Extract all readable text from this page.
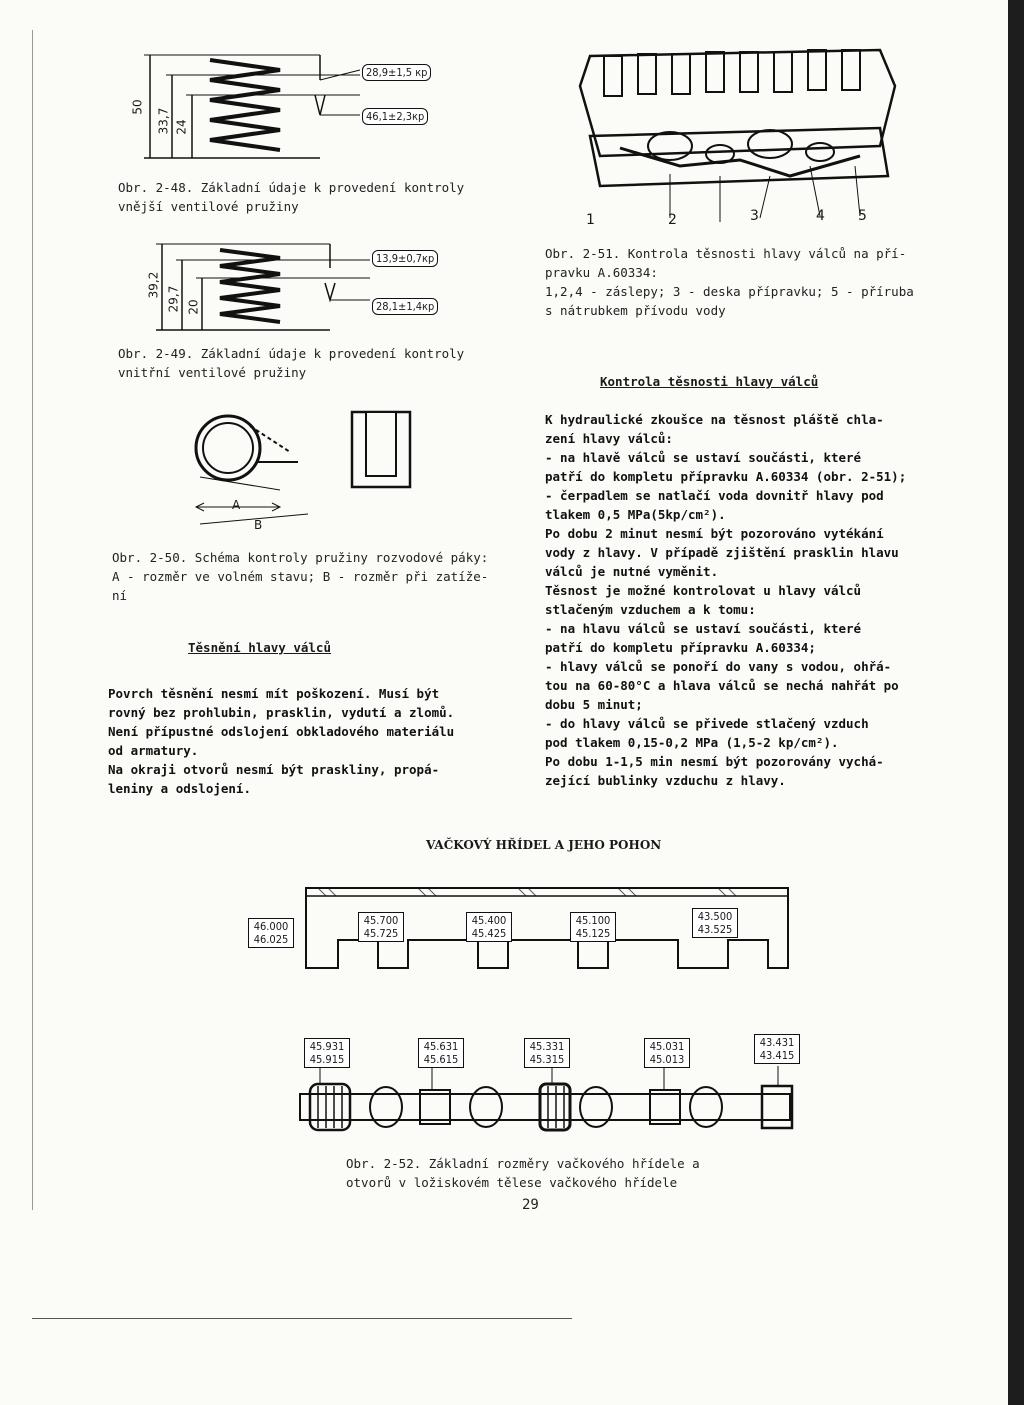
50
33,7 24
28,9±1,5 кр
46,1±2,3кр
Obr. 2-48. Základní údaje k provedení kontroly
vnější ventilové pružiny
39,2
29,7 20
13,9±0,7кр
28,1±1,4кр
Obr. 2-49. Základní údaje k provedení kontroly
vnitřní ventilové pružiny
A
B
Obr. 2-50. Schéma kontroly pružiny rozvodové páky:
A - rozměr ve volném stavu; B - rozměr při zatíže-
ní
Těsnění hlavy válců
Povrch těsnění nesmí mít poškození. Musí být
rovný bez prohlubin, prasklin, vydutí a zlomů.
Není přípustné odslojení obkladového materiálu
od armatury.
Na okraji otvorů nesmí být praskliny, propá-
leniny a odslojení.
1	2	3	4 5
Obr. 2-51. Kontrola těsnosti hlavy válců na pří-
pravku A.60334:
1,2,4 - záslepy; 3 - deska přípravku; 5 - příruba
s nátrubkem přívodu vody
Kontrola těsnosti hlavy válců
K hydraulické zkoušce na těsnost pláště chla-
zení hlavy válců:
- na hlavě válců se ustaví součásti, které
patří do kompletu přípravku A.60334 (obr. 2-51);
- čerpadlem se natlačí voda dovnitř hlavy pod
tlakem 0,5 MPa(5kp/cm²).
Po dobu 2 minut nesmí být pozorováno vytékání
vody z hlavy. V případě zjištění prasklin hlavu
válců je nutné vyměnit.
Těsnost je možné kontrolovat u hlavy válců
stlačeným vzduchem a k tomu:
- na hlavu válců se ustaví součásti, které
patří do kompletu přípravku A.60334;
- hlavy válců se ponoří do vany s vodou, ohřá-
tou na 60-80°C a hlava válců se nechá nahřát po
dobu 5 minut;
- do hlavy válců se přivede stlačený vzduch
pod tlakem 0,15-0,2 MPa (1,5-2 kp/cm²).
Po dobu 1-1,5 min nesmí být pozorovány vychá-
zející bublinky vzduchu z hlavy.
VAČKOVÝ HŘÍDEL A JEHO POHON
46.000
46.025
45.700
45.725
45.400
45.425
45.100
45.125
43.500
43.525
45.931
45.915
45.631
45.615
45.331
45.315
45.031
45.013
43.431
43.415
Obr. 2-52. Základní rozměry vačkového hřídele a
otvorů v ložiskovém tělese vačkového hřídele
29
